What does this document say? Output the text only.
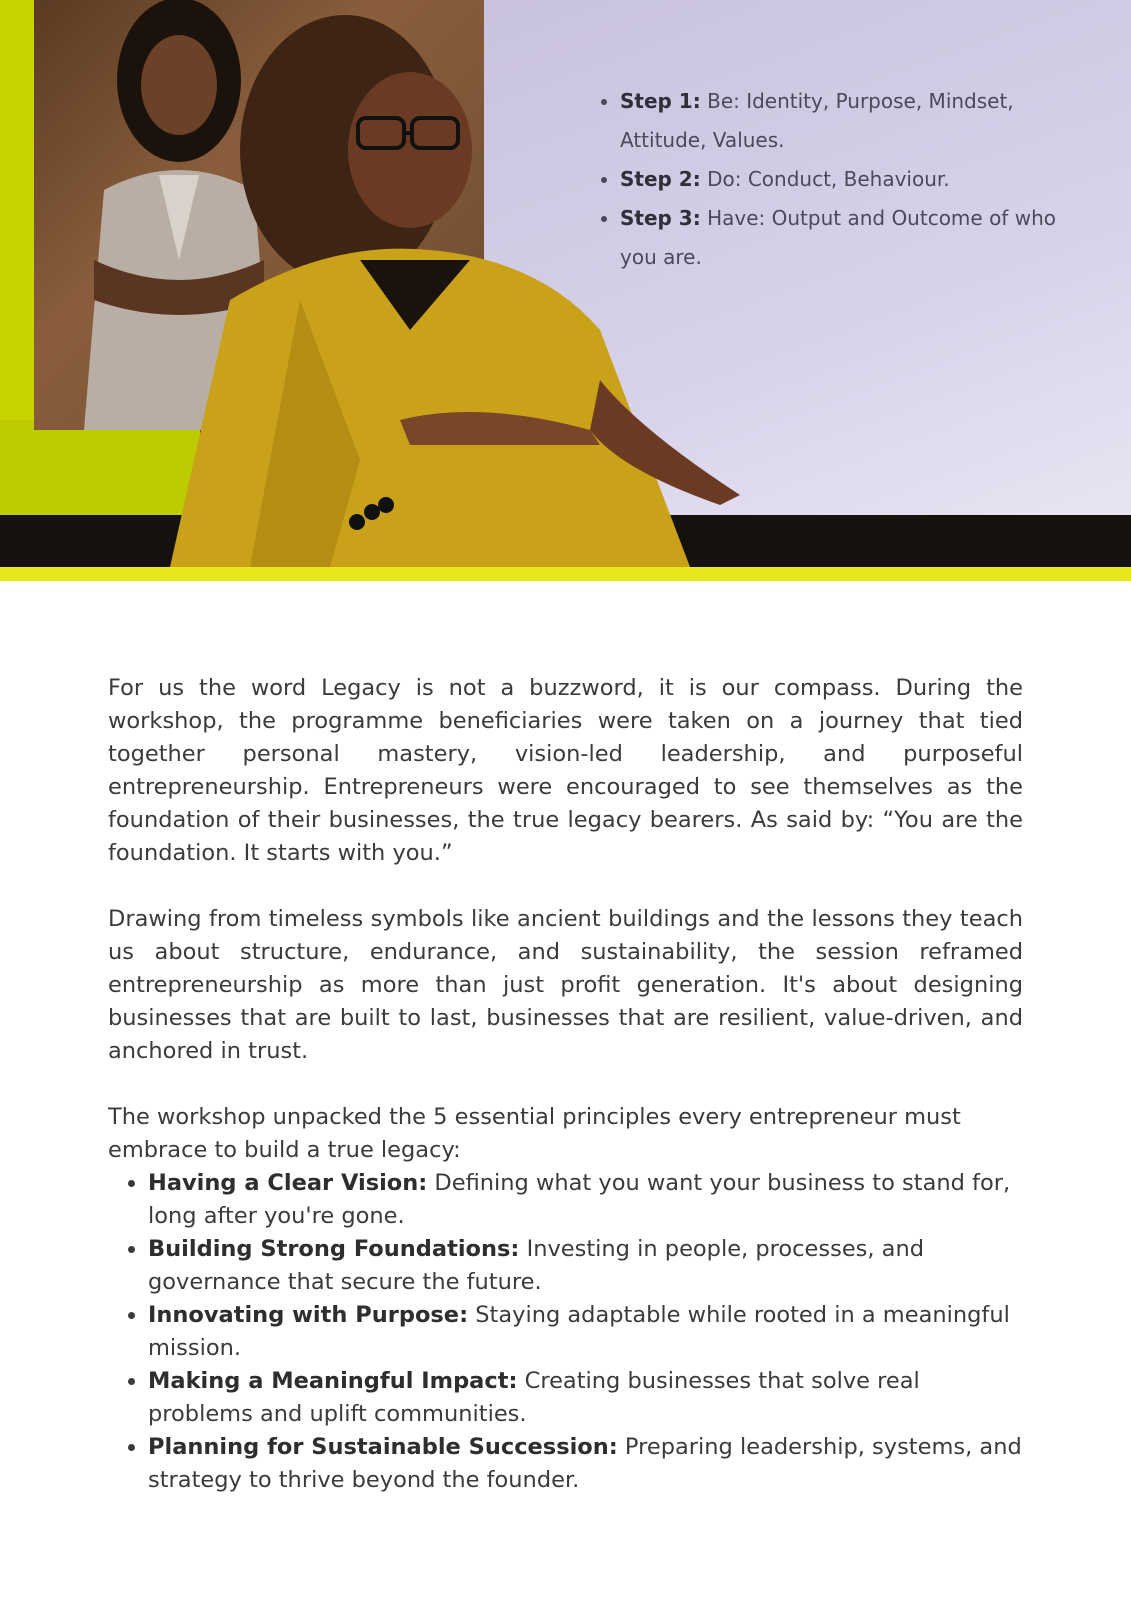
• Step 1: Be: Identity, Purpose, Mindset, Attitude, Values.
• Step 2: Do: Conduct, Behaviour.
• Step 3: Have: Output and Outcome of who you are.

For us the word Legacy is not a buzzword, it is our compass. During the workshop, the programme beneficiaries were taken on a journey that tied together personal mastery, vision-led leadership, and purposeful entrepreneurship. Entrepreneurs were encouraged to see themselves as the foundation of their businesses, the true legacy bearers. As said by: “You are the foundation. It starts with you.”

Drawing from timeless symbols like ancient buildings and the lessons they teach us about structure, endurance, and sustainability, the session reframed entrepreneurship as more than just profit generation. It's about designing businesses that are built to last, businesses that are resilient, value-driven, and anchored in trust.

The workshop unpacked the 5 essential principles every entrepreneur must embrace to build a true legacy:

• Having a Clear Vision: Defining what you want your business to stand for, long after you're gone.
• Building Strong Foundations: Investing in people, processes, and governance that secure the future.
• Innovating with Purpose: Staying adaptable while rooted in a meaningful mission.
• Making a Meaningful Impact: Creating businesses that solve real problems and uplift communities.
• Planning for Sustainable Succession: Preparing leadership, systems, and strategy to thrive beyond the founder.
